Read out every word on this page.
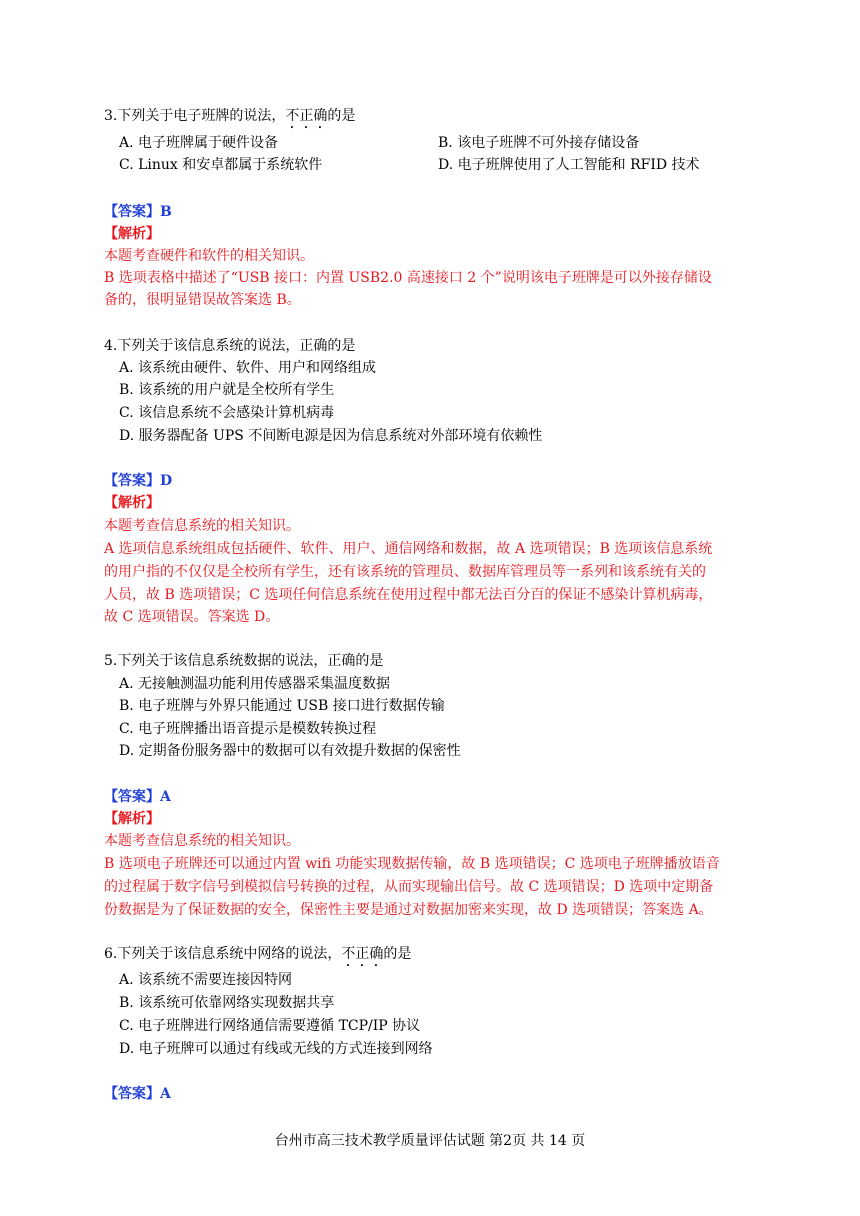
3.下列关于电子班牌的说法，不正确的是
A. 电子班牌属于硬件设备	B. 该电子班牌不可外接存储设备
C. Linux 和安卓都属于系统软件	D. 电子班牌使用了人工智能和 RFID 技术
【答案】B
【解析】
本题考查硬件和软件的相关知识。
B 选项表格中描述了“USB 接口：内置 USB2.0 高速接口 2 个”说明该电子班牌是可以外接存储设
备的，很明显错误故答案选 B。
4.下列关于该信息系统的说法，正确的是
A. 该系统由硬件、软件、用户和网络组成
B. 该系统的用户就是全校所有学生
C. 该信息系统不会感染计算机病毒
D. 服务器配备 UPS 不间断电源是因为信息系统对外部环境有依赖性
【答案】D
【解析】
本题考查信息系统的相关知识。
A 选项信息系统组成包括硬件、软件、用户、通信网络和数据，故 A 选项错误；B 选项该信息系统
的用户指的不仅仅是全校所有学生，还有该系统的管理员、数据库管理员等一系列和该系统有关的
人员，故 B 选项错误；C 选项任何信息系统在使用过程中都无法百分百的保证不感染计算机病毒，
故 C 选项错误。答案选 D。
5.下列关于该信息系统数据的说法，正确的是
A. 无接触测温功能利用传感器采集温度数据
B. 电子班牌与外界只能通过 USB 接口进行数据传输
C. 电子班牌播出语音提示是模数转换过程
D. 定期备份服务器中的数据可以有效提升数据的保密性
【答案】A
【解析】
本题考查信息系统的相关知识。
B 选项电子班牌还可以通过内置 wifi 功能实现数据传输，故 B 选项错误；C 选项电子班牌播放语音
的过程属于数字信号到模拟信号转换的过程，从而实现输出信号。故 C 选项错误；D 选项中定期备
份数据是为了保证数据的安全，保密性主要是通过对数据加密来实现，故 D 选项错误；答案选 A。
6.下列关于该信息系统中网络的说法，不正确的是
A. 该系统不需要连接因特网
B. 该系统可依靠网络实现数据共享
C. 电子班牌进行网络通信需要遵循 TCP/IP 协议
D. 电子班牌可以通过有线或无线的方式连接到网络
【答案】A
台州市高三技术教学质量评估试题 第2页 共 14 页
